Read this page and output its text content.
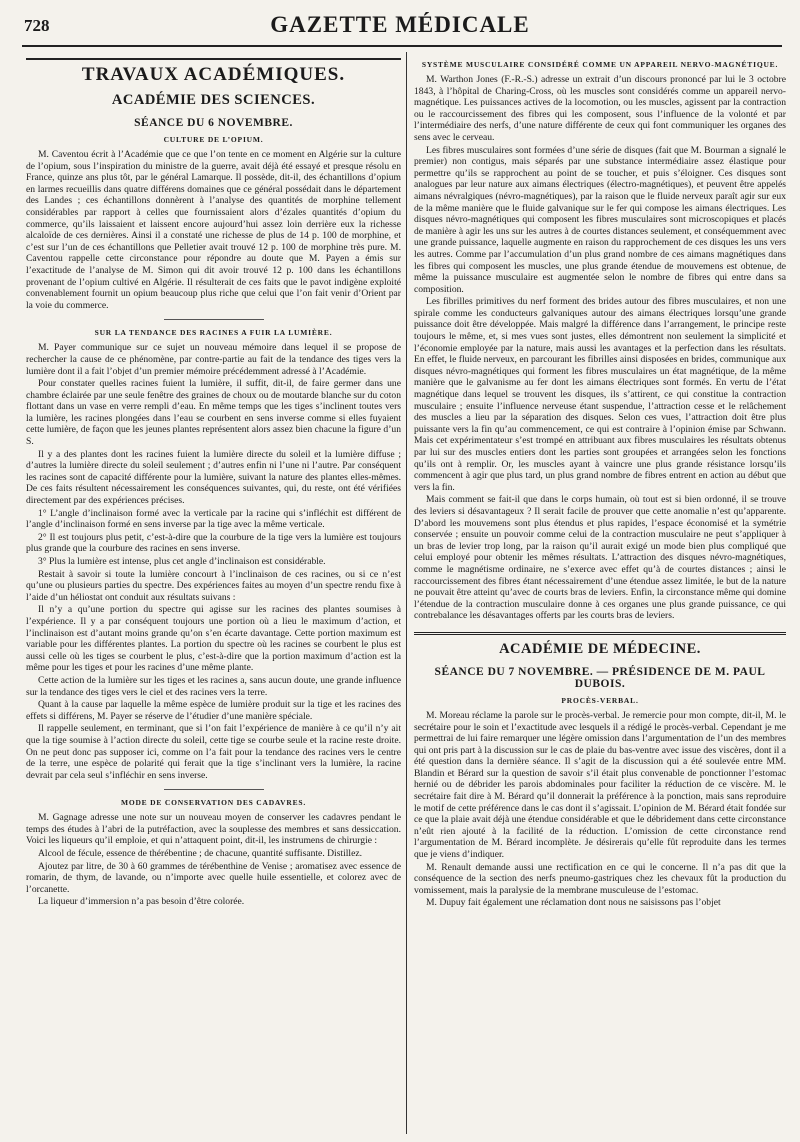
728	GAZETTE MÉDICALE
TRAVAUX ACADÉMIQUES.
ACADÉMIE DES SCIENCES.
SÉANCE DU 6 NOVEMBRE.
CULTURE DE L’OPIUM.

M. Caventou écrit à l’Académie que ce que l’on tente en ce moment en Algérie sur la culture de l’opium, sous l’inspiration du ministre de la guerre, avait déjà été essayé et presque résolu en France, quinze ans plus tôt, par le général Lamarque. Il possède, dit-il, des échantillons d’opium en larmes recueillis dans quatre différens domaines que ce général possédait dans le département des Landes ; ces échantillons donnèrent à l’analyse des quantités de morphine tellement considérables par rapport à celles que fournissaient alors d’ézales quantités d’opium du commerce, qu’ils laissaient et laissent encore aujourd’hui assez loin derrière eux la richesse alcaloïde de ces dernières. Ainsi il a constaté une richesse de plus de 14 p. 100 de morphine, et c’est sur l’un de ces échantillons que Pelletier avait trouvé 12 p. 100 de morphine très pure. M. Caventou rappelle cette circonstance pour répondre au doute que M. Payen a émis sur l’exactitude de l’analyse de M. Simon qui dit avoir trouvé 12 p. 100 dans les échantillons provenant de l’opium cultivé en Algérie. Il résulterait de ces faits que le pavot indigène exploité convenablement fournit un opium beaucoup plus riche que celui que l’on fait venir d’Orient par la voie du commerce.

SUR LA TENDANCE DES RACINES A FUIR LA LUMIÈRE.

M. Payer communique sur ce sujet un nouveau mémoire dans lequel il se propose de rechercher la cause de ce phénomène, par contre-partie au fait de la tendance des tiges vers la lumière dont il a fait l’objet d’un premier mémoire précédemment adressé à l’Académie.

Pour constater quelles racines fuient la lumière, il suffit, dit-il, de faire germer dans une chambre éclairée par une seule fenêtre des graines de choux ou de moutarde blanche sur du coton flottant dans un vase en verre rempli d’eau. En même temps que les tiges s’inclinent toutes vers la lumière, les racines plongées dans l’eau se courbent en sens inverse comme si elles fuyaient cette lumière, de façon que les jeunes plantes représentent alors assez bien chacune la figure d’un S.

Il y a des plantes dont les racines fuient la lumière directe du soleil et la lumière diffuse ; d’autres la lumière directe du soleil seulement ; d’autres enfin ni l’une ni l’autre. Par conséquent les racines sont de capacité différente pour la lumière, suivant la nature des plantes elles-mêmes. De ces faits résultent nécessairement les conséquences suivantes, qui, du reste, ont été vérifiées directement par des expériences précises.

1° L’angle d’inclinaison formé avec la verticale par la racine qui s’infléchit est différent de l’angle d’inclinaison formé en sens inverse par la tige avec la même verticale.

2° Il est toujours plus petit, c’est-à-dire que la courbure de la tige vers la lumière est toujours plus grande que la courbure des racines en sens inverse.

3° Plus la lumière est intense, plus cet angle d’inclinaison est considérable.

Restait à savoir si toute la lumière concourt à l’inclinaison de ces racines, ou si ce n’est qu’une ou plusieurs parties du spectre. Des expériences faites au moyen d’un spectre rendu fixe à l’aide d’un héliostat ont conduit aux résultats suivans :

Il n’y a qu’une portion du spectre qui agisse sur les racines des plantes soumises à l’expérience. Il y a par conséquent toujours une portion où a lieu le maximum d’action, et l’inclinaison est d’autant moins grande qu’on s’en écarte davantage. Cette portion maximum est variable pour les différentes plantes. La portion du spectre où les racines se courbent le plus est aussi celle où les tiges se courbent le plus, c’est-à-dire que la portion maximum d’action est la même pour les tiges et pour les racines d’une même plante.

Cette action de la lumière sur les tiges et les racines a, sans aucun doute, une grande influence sur la tendance des tiges vers le ciel et des racines vers la terre.

Quant à la cause par laquelle la même espèce de lumière produit sur la tige et les racines des effets si différens, M. Payer se réserve de l’étudier d’une manière spéciale.

Il rappelle seulement, en terminant, que si l’on fait l’expérience de manière à ce qu’il n’y ait que la tige soumise à l’action directe du soleil, cette tige se courbe seule et la racine reste droite. On ne peut donc pas supposer ici, comme on l’a fait pour la tendance des racines vers le centre de la terre, une espèce de polarité qui ferait que la tige s’inclinant vers la lumière, la racine devrait par cela seul s’infléchir en sens inverse.

MODE DE CONSERVATION DES CADAVRES.

M. Gagnage adresse une note sur un nouveau moyen de conserver les cadavres pendant le temps des études à l’abri de la putréfaction, avec la souplesse des membres et sans dessiccation. Voici les liqueurs qu’il emploie, et qui n’attaquent point, dit-il, les instrumens de chirurgie :

Alcool de fécule, essence de thérébentine ; de chacune, quantité suffisante. Distillez.

Ajoutez par litre, de 30 à 60 grammes de térébenthine de Venise ; aromatisez avec essence de romarin, de thym, de lavande, ou n’importe avec quelle huile essentielle, et colorez avec de l’orcanette.

La liqueur d’immersion n’a pas besoin d’être colorée.

SYSTÈME MUSCULAIRE CONSIDÉRÉ COMME UN APPAREIL NERVO-MAGNÉTIQUE.

M. Warthon Jones (F.-R.-S.) adresse un extrait d’un discours prononcé par lui le 3 octobre 1843, à l’hôpital de Charing-Cross, où les muscles sont considérés comme un appareil nervo-magnétique. Les puissances actives de la locomotion, ou les muscles, agissent par la contraction ou le raccourcissement des fibres qui les composent, sous l’influence de la volonté et par l’intermédiaire des nerfs, d’une nature différente de ceux qui font communiquer les organes des sens avec le cerveau.

Les fibres musculaires sont formées d’une série de disques (fait que M. Bourman a signalé le premier) non contigus, mais séparés par une substance intermédiaire assez élastique pour permettre qu’ils se rapprochent au point de se toucher, et puis s’éloigner. Ces disques sont analogues par leur nature aux aimans électriques (électro-magnétiques), et peuvent être appelés aimans névralgiques (névro-magnétiques), par la raison que le fluide nerveux paraît agir sur eux de la même manière que le fluide galvanique sur le fer qui compose les aimans électriques. Les disques névro-magnétiques qui composent les fibres musculaires sont microscopiques et placés de manière à agir les uns sur les autres à de courtes distances seulement, et conséquemment avec une grande puissance, laquelle augmente en raison du rapprochement de ces disques les uns vers les autres. Comme par l’accumulation d’un plus grand nombre de ces aimans magnétiques dans les fibres qui composent les muscles, une plus grande étendue de mouvemens est obtenue, de même la puissance musculaire est augmentée selon le nombre de fibres qui entre dans sa composition.

Les fibrilles primitives du nerf forment des brides autour des fibres musculaires, et non une spirale comme les conducteurs galvaniques autour des aimans électriques lorsqu’une grande puissance doit être développée. Mais malgré la différence dans l’arrangement, le principe reste toujours le même, et, si mes vues sont justes, elles démontrent non seulement la simplicité et l’économie employée par la nature, mais aussi les avantages et la perfection dans les résultats. En effet, le fluide nerveux, en parcourant les fibrilles ainsi disposées en brides, communique aux disques névro-magnétiques qui forment les fibres musculaires un état magnétique, de la même manière que le galvanisme au fer dont les aimans électriques sont formés. En vertu de l’état magnétique dans lequel se trouvent les disques, ils s’attirent, ce qui constitue la contraction musculaire ; ensuite l’influence nerveuse étant suspendue, l’attraction cesse et le relâchement des muscles a lieu par la séparation des disques. Selon ces vues, l’attraction doit être plus puissante vers la fin qu’au commencement, ce qui est contraire à l’opinion émise par Schwann. Mais cet expérimentateur s’est trompé en attribuant aux fibres musculaires les résultats obtenus par lui sur des muscles entiers dont les parties sont groupées et arrangées selon les fonctions qu’ils ont à remplir. Or, les muscles ayant à vaincre une plus grande résistance lorsqu’ils commencent à agir que plus tard, un plus grand nombre de fibres entrent en action au début que vers la fin.

Mais comment se fait-il que dans le corps humain, où tout est si bien ordonné, il se trouve des leviers si désavantageux ? Il serait facile de prouver que cette anomalie n’est qu’apparente. D’abord les mouvemens sont plus étendus et plus rapides, l’espace économisé et la symétrie conservée ; ensuite un pouvoir comme celui de la contraction musculaire ne peut s’appliquer à un bras de levier trop long, par la raison qu’il aurait exigé un mode bien plus compliqué que celui employé pour obtenir les mêmes résultats. L’attraction des disques névro-magnétiques, comme le magnétisme ordinaire, ne s’exerce avec effet qu’à de courtes distances ; ainsi le raccourcissement des fibres étant nécessairement d’une étendue assez limitée, le but de la nature ne pouvait être atteint qu’avec de courts bras de leviers. Enfin, la circonstance même qui domine l’étendue de la contraction musculaire donne à ces organes une plus grande puissance, ce qui contrebalance les désavantages offerts par les courts bras de leviers.

ACADÉMIE DE MÉDECINE.
SÉANCE DU 7 NOVEMBRE. — PRÉSIDENCE DE M. PAUL DUBOIS.
PROCÈS-VERBAL.

M. Moreau réclame la parole sur le procès-verbal. Je remercie pour mon compte, dit-il, M. le secrétaire pour le soin et l’exactitude avec lesquels il a rédigé le procès-verbal. Cependant je me permettrai de lui faire remarquer une légère omission dans l’argumentation de l’un des membres qui ont pris part à la discussion sur le cas de plaie du bas-ventre avec issue des viscères, dont il a été question dans la dernière séance. Il s’agit de la discussion qui a été soulevée entre MM. Blandin et Bérard sur la question de savoir s’il était plus convenable de ponctionner l’estomac hernié ou de débrider les parois abdominales pour faciliter la réduction de ce viscère. M. le secrétaire fait dire à M. Bérard qu’il donnerait la préférence à la ponction, mais sans reproduire le motif de cette préférence dans le cas dont il s’agissait. L’opinion de M. Bérard était fondée sur ce que la plaie avait déjà une étendue considérable et que le débridement dans cette circonstance n’eût rien ajouté à la facilité de la réduction. L’omission de cette circonstance rend l’argumentation de M. Bérard incomplète. Je désirerais qu’elle fût reproduite dans les termes que je viens d’indiquer.

M. Renault demande aussi une rectification en ce qui le concerne. Il n’a pas dit que la conséquence de la section des nerfs pneumo-gastriques chez les chevaux fût la production du vomissement, mais la paralysie de la membrane musculeuse de l’estomac.

M. Dupuy fait également une réclamation dont nous ne saisissons pas l’objet
